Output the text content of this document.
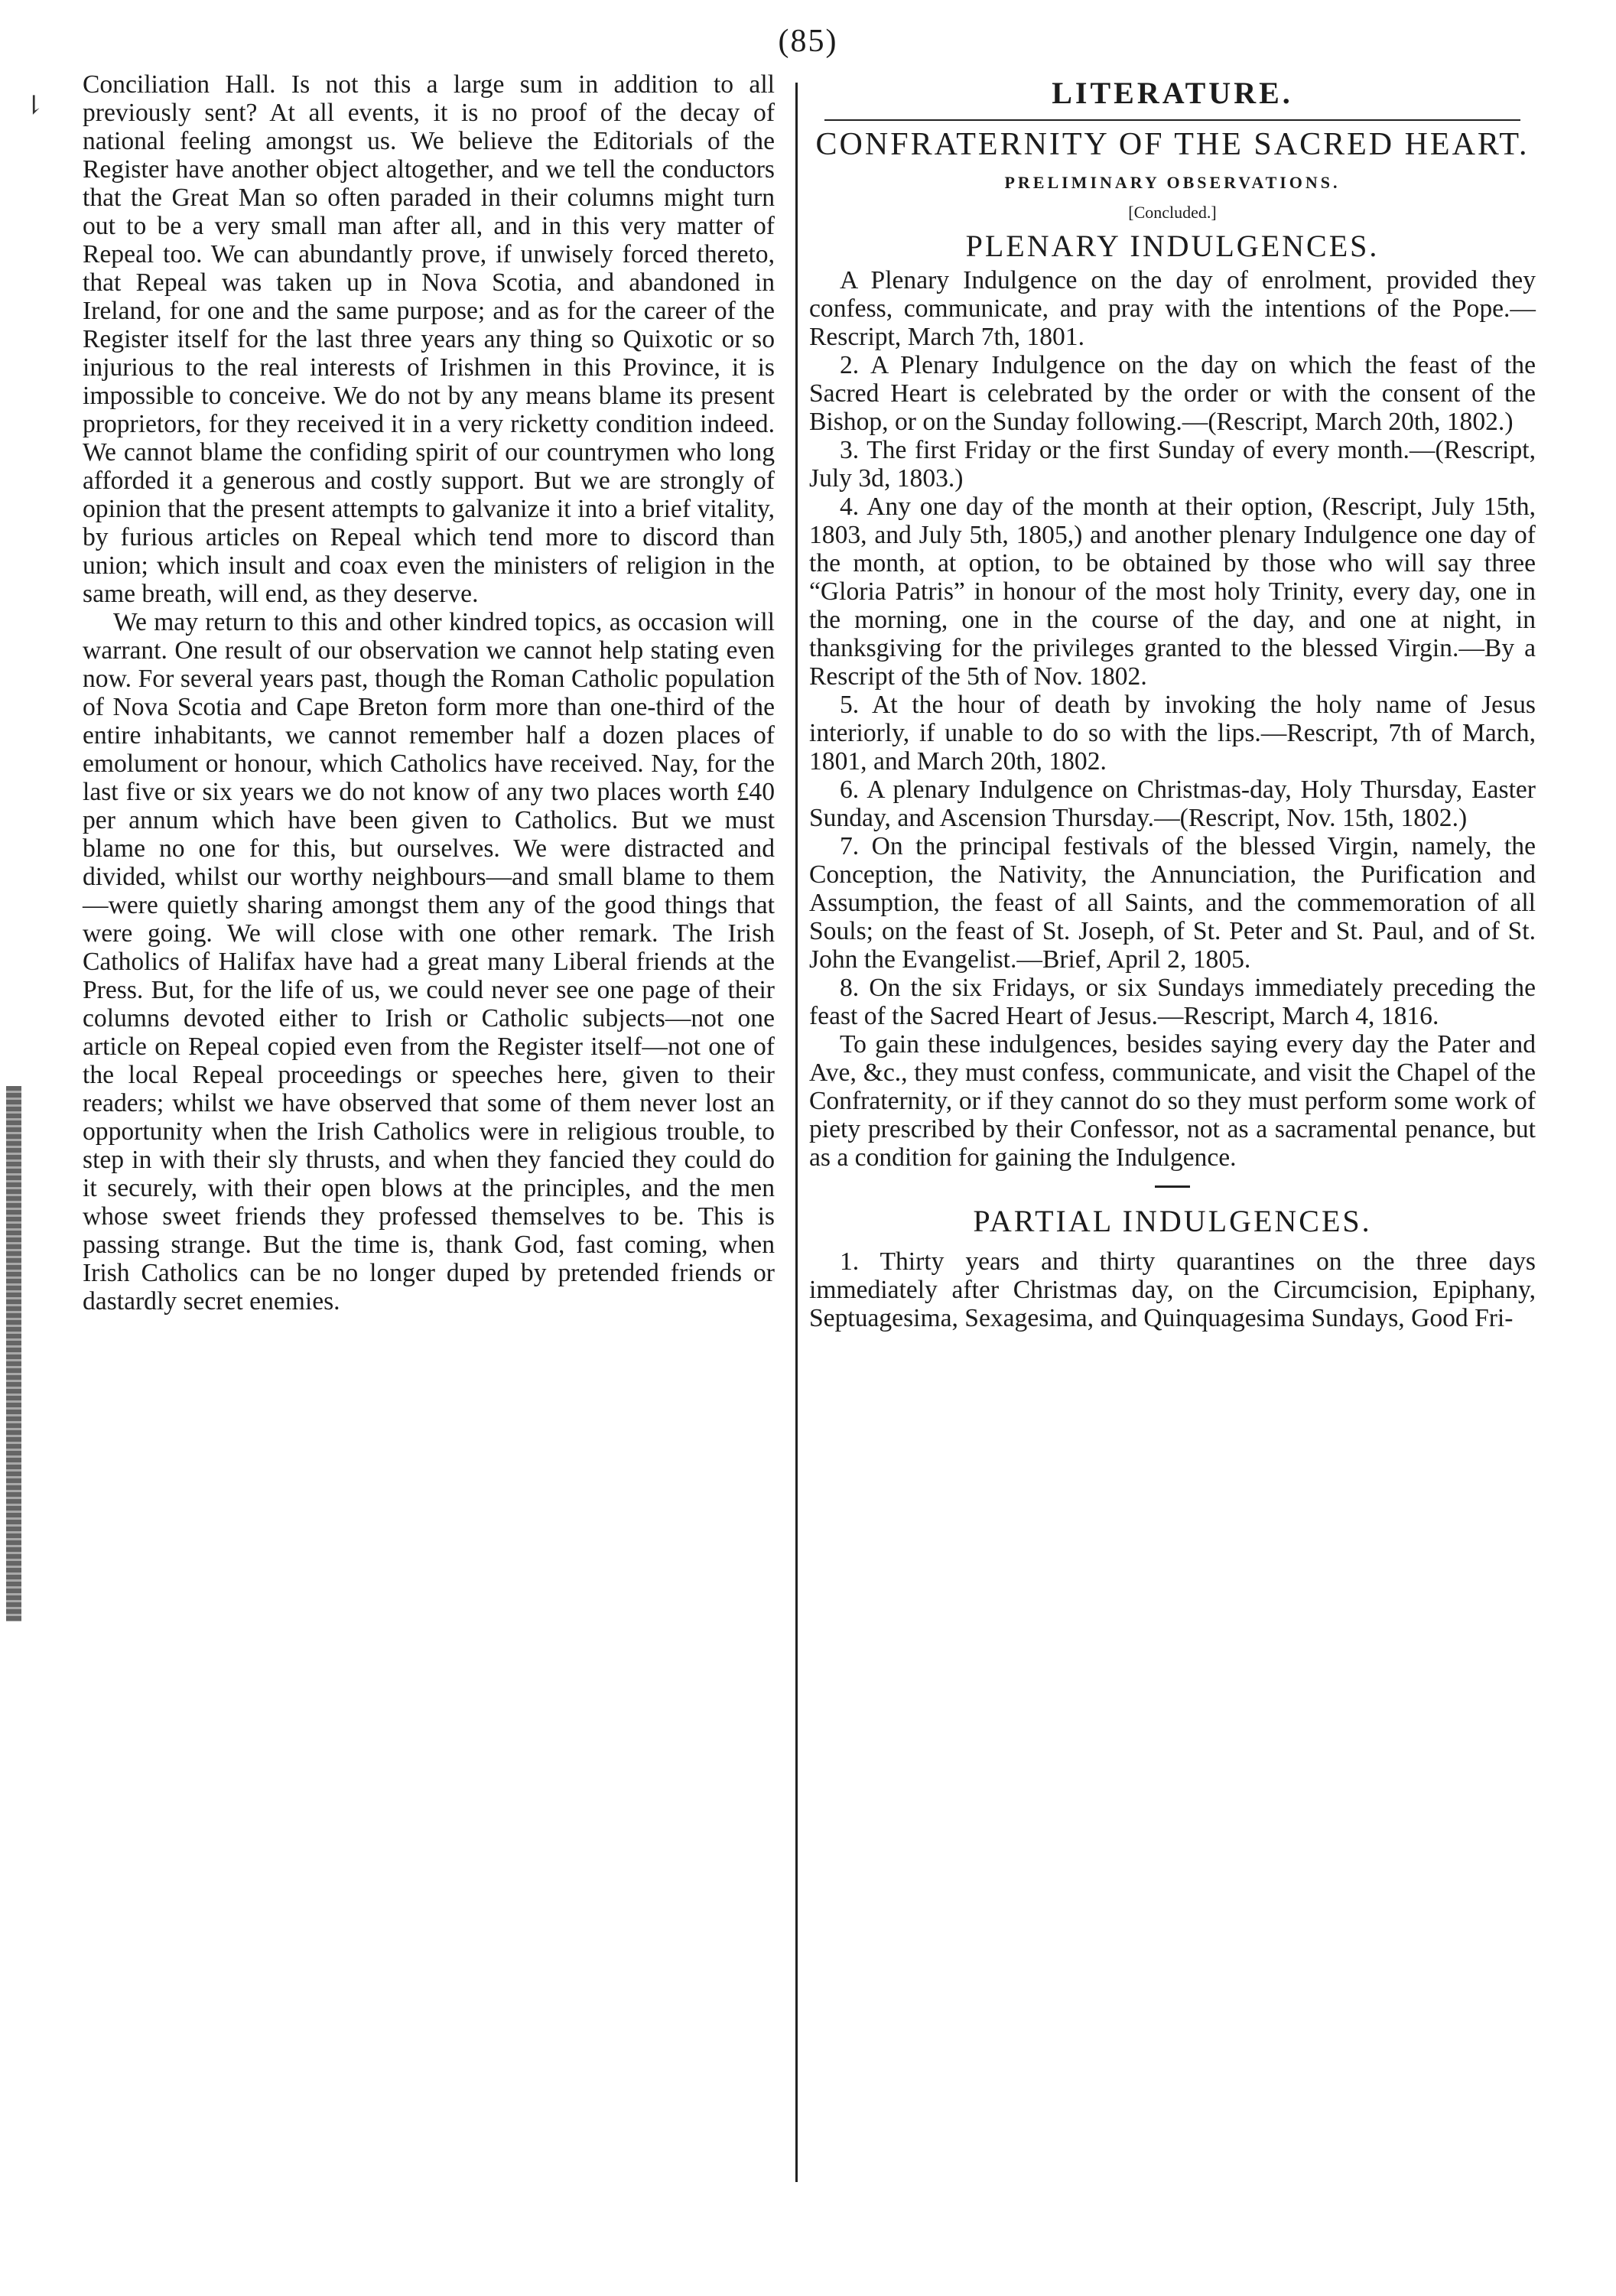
(85)
⇂

Conciliation Hall. Is not this a large sum in addition to all previously sent? At all events, it is no proof of the decay of national feeling amongst us. We believe the Editorials of the Register have another object altogether, and we tell the conductors that the Great Man so often paraded in their columns might turn out to be a very small man after all, and in this very matter of Repeal too. We can abundantly prove, if unwisely forced thereto, that Repeal was taken up in Nova Scotia, and abandoned in Ireland, for one and the same purpose; and as for the career of the Register itself for the last three years any thing so Quixotic or so injurious to the real interests of Irishmen in this Province, it is impossible to conceive. We do not by any means blame its present proprietors, for they received it in a very ricketty condition indeed. We cannot blame the confiding spirit of our countrymen who long afforded it a generous and costly support. But we are strongly of opinion that the present attempts to galvanize it into a brief vitality, by furious articles on Repeal which tend more to discord than union; which insult and coax even the ministers of religion in the same breath, will end, as they deserve.

We may return to this and other kindred topics, as occasion will warrant. One result of our observation we cannot help stating even now. For several years past, though the Roman Catholic population of Nova Scotia and Cape Breton form more than one-third of the entire inhabitants, we cannot remember half a dozen places of emolument or honour, which Catholics have received. Nay, for the last five or six years we do not know of any two places worth £40 per annum which have been given to Catholics. But we must blame no one for this, but ourselves. We were distracted and divided, whilst our worthy neighbours—and small blame to them—were quietly sharing amongst them any of the good things that were going. We will close with one other remark. The Irish Catholics of Halifax have had a great many Liberal friends at the Press. But, for the life of us, we could never see one page of their columns devoted either to Irish or Catholic subjects—not one article on Repeal copied even from the Register itself—not one of the local Repeal proceedings or speeches here, given to their readers; whilst we have observed that some of them never lost an opportunity when the Irish Catholics were in religious trouble, to step in with their sly thrusts, and when they fancied they could do it securely, with their open blows at the principles, and the men whose sweet friends they professed themselves to be. This is passing strange. But the time is, thank God, fast coming, when Irish Catholics can be no longer duped by pretended friends or dastardly secret enemies.

LITERATURE.
CONFRATERNITY OF THE SACRED HEART.
PRELIMINARY OBSERVATIONS.
[Concluded.]
PLENARY INDULGENCES.

A Plenary Indulgence on the day of enrolment, provided they confess, communicate, and pray with the intentions of the Pope.—Rescript, March 7th, 1801.

2. A Plenary Indulgence on the day on which the feast of the Sacred Heart is celebrated by the order or with the consent of the Bishop, or on the Sunday following.—(Rescript, March 20th, 1802.)

3. The first Friday or the first Sunday of every month.—(Rescript, July 3d, 1803.)

4. Any one day of the month at their option, (Rescript, July 15th, 1803, and July 5th, 1805,) and another plenary Indulgence one day of the month, at option, to be obtained by those who will say three “Gloria Patris” in honour of the most holy Trinity, every day, one in the morning, one in the course of the day, and one at night, in thanksgiving for the privileges granted to the blessed Virgin.—By a Rescript of the 5th of Nov. 1802.

5. At the hour of death by invoking the holy name of Jesus interiorly, if unable to do so with the lips.—Rescript, 7th of March, 1801, and March 20th, 1802.

6. A plenary Indulgence on Christmas-day, Holy Thursday, Easter Sunday, and Ascension Thursday.—(Rescript, Nov. 15th, 1802.)

7. On the principal festivals of the blessed Virgin, namely, the Conception, the Nativity, the Annunciation, the Purification and Assumption, the feast of all Saints, and the commemoration of all Souls; on the feast of St. Joseph, of St. Peter and St. Paul, and of St. John the Evangelist.—Brief, April 2, 1805.

8. On the six Fridays, or six Sundays immediately preceding the feast of the Sacred Heart of Jesus.—Rescript, March 4, 1816.

To gain these indulgences, besides saying every day the Pater and Ave, &c., they must confess, communicate, and visit the Chapel of the Confraternity, or if they cannot do so they must perform some work of piety prescribed by their Confessor, not as a sacramental penance, but as a condition for gaining the Indulgence.

PARTIAL INDULGENCES.

1. Thirty years and thirty quarantines on the three days immediately after Christmas day, on the Circumcision, Epiphany, Septuagesima, Sexagesima, and Quinquagesima Sundays, Good Fri-
